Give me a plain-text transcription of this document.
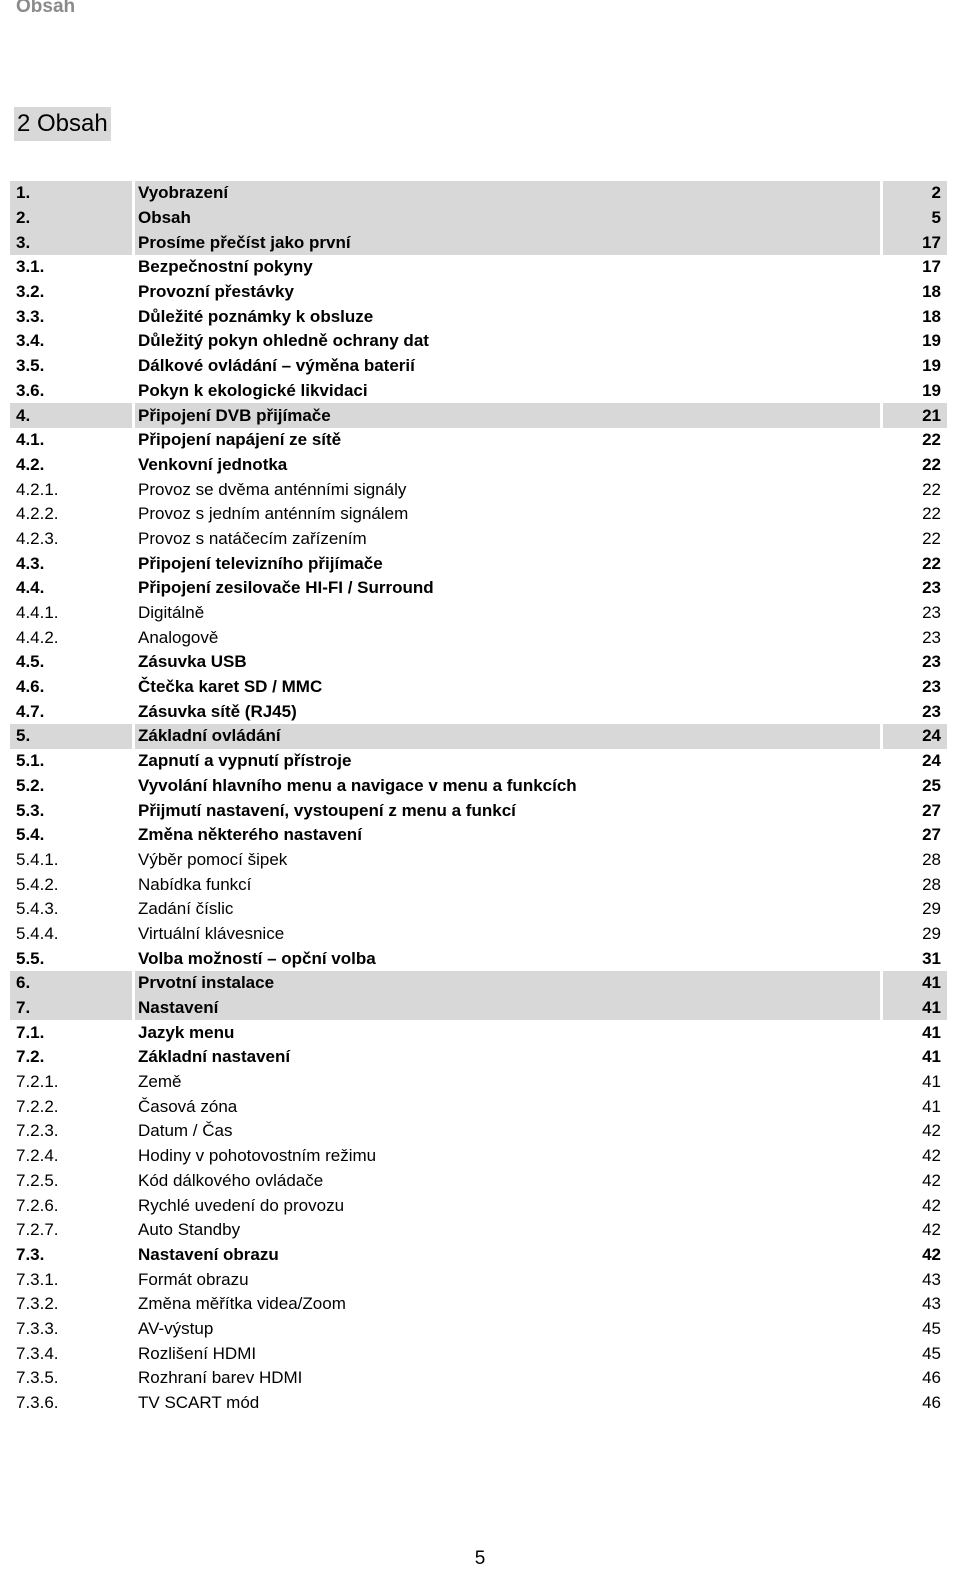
Obsah
2 Obsah
1.	Vyobrazení	2
2.	Obsah	5
3.	Prosíme přečíst jako první	17
3.1.	Bezpečnostní pokyny	17
3.2.	Provozní přestávky	18
3.3.	Důležité poznámky k obsluze	18
3.4.	Důležitý pokyn ohledně ochrany dat	19
3.5.	Dálkové ovládání – výměna baterií	19
3.6.	Pokyn k ekologické likvidaci	19
4.	Připojení DVB přijímače	21
4.1.	Připojení napájení ze sítě	22
4.2.	Venkovní jednotka	22
4.2.1.	Provoz se dvěma anténními signály	22
4.2.2.	Provoz s jedním anténním signálem	22
4.2.3.	Provoz s natáčecím zařízením	22
4.3.	Připojení televizního přijímače	22
4.4.	Připojení zesilovače HI-FI / Surround	23
4.4.1.	Digitálně	23
4.4.2.	Analogově	23
4.5.	Zásuvka USB	23
4.6.	Čtečka karet SD / MMC	23
4.7.	Zásuvka sítě (RJ45)	23
5.	Základní ovládání	24
5.1.	Zapnutí a vypnutí přístroje	24
5.2.	Vyvolání hlavního menu a navigace v menu a funkcích	25
5.3.	Přijmutí nastavení, vystoupení z menu a funkcí	27
5.4.	Změna některého nastavení	27
5.4.1.	Výběr pomocí šipek	28
5.4.2.	Nabídka funkcí	28
5.4.3.	Zadání číslic	29
5.4.4.	Virtuální klávesnice	29
5.5.	Volba možností – opční volba	31
6.	Prvotní instalace	41
7.	Nastavení	41
7.1.	Jazyk menu	41
7.2.	Základní nastavení	41
7.2.1.	Země	41
7.2.2.	Časová zóna	41
7.2.3.	Datum / Čas	42
7.2.4.	Hodiny v pohotovostním režimu	42
7.2.5.	Kód dálkového ovládače	42
7.2.6.	Rychlé uvedení do provozu	42
7.2.7.	Auto Standby	42
7.3.	Nastavení obrazu	42
7.3.1.	Formát obrazu	43
7.3.2.	Změna měřítka videa/Zoom	43
7.3.3.	AV-výstup	45
7.3.4.	Rozlišení HDMI	45
7.3.5.	Rozhraní barev HDMI	46
7.3.6.	TV SCART mód	46
5
